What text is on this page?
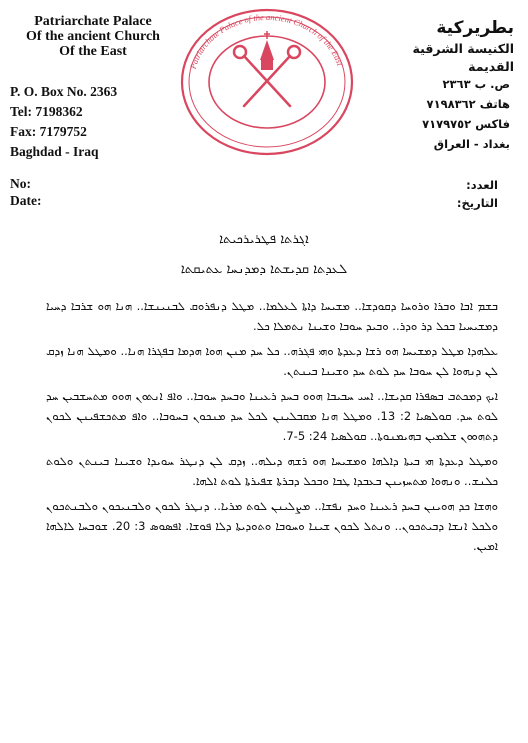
Patriarchate Palace
Of the ancient Church
Of the East
P. O. Box No. 2363
Tel: 7198362
Fax: 7179752
Baghdad - Iraq
بطريركية
الكنيسة الشرقية القديمة
ص. ب ٢٣٦٣
هاتف ٧١٩٨٣٦٢
فاكس ٧١٧٩٧٥٢
بغداد - العراق
Patriarchate Palace of the ancient Church of the East
No:
Date:
العدد:
التاريخ:
ܐܓܪܬܐ ܦܛܪܝܪܟܝܬܐ
ܠܥܕܬܐ ܩܕܝܫܬܐ ܕܡܕܢܚܐ ܥܬܝܩܬܐ

ܒܫܡ ܐܒܐ ܘܒܪܐ ܘܪܘܚܐ ܕܩܘܕܫܐ.. ܡܫܝܚܐ ܕܐܬܐ ܠܥܠܡܐ.. ܡܛܠ ܕܢܦܪܘܩ ܠܒܢܝܢܫܐ.. ܗܢܐ ܗܘ ܫܪܒܐ ܕܚܝܐ ܕܡܫܝܚܝܐ ܒܟܠ ܕܪ ܘܕܪ.. ܘܒܝܕ ܚܘܒܐ ܘܫܝܢܐ ܢܬܡܠܐ ܟܠ.

ܥܠܗܕܐ ܡܛܠ ܕܡܫܝܚܐ ܗܘ ܪܫܐ ܕܥܕܬܐ ܘܗܝ ܦܓܪܗ.. ܟܠ ܚܕ ܡܢܢ ܗܘܐ ܗܕܡܐ ܒܦܓܪܐ ܗܢܐ.. ܘܡܛܠ ܗܢܐ ܙܕܩ ܠܢ ܕܢܗܘܐ ܠܢ ܚܘܒܐ ܚܕ ܠܘܬ ܚܕ ܘܫܝܢܐ ܒܝܢܬܢ.

ܐܝܟ ܕܡܟܬܒ ܒܣܦܪܐ ܩܕܝܫܐ.. ܐܚܝ ܚܒܝܒܐ ܗܘܘ ܒܚܕ ܪܥܝܢܐ ܘܒܚܕ ܚܘܒܐ.. ܘܐܦ ܐܢܬܘܢ ܗܘܘ ܡܬܚܫܒܝܢ ܚܕ ܠܘܬ ܚܕ. ܩܘܠܣܝܐ 2: 13. ܘܡܛܠ ܗܢܐ ܡܩܒܠܝܢܢ ܠܟܠ ܚܕ ܡܢܟܘܢ ܒܚܘܒܐ.. ܘܐܦ ܡܬܟܫܦܝܢܢ ܠܟܘܢ ܕܬܗܘܘܢ ܫܠܡܝܢ ܒܗܝܡܢܘܬܐ.. ܩܘܠܣܝܐ 24: 5-7.

ܘܡܛܠ ܕܥܕܬܐ ܗܝ ܒܝܬܐ ܕܐܠܗܐ ܘܡܫܝܚܐ ܗܘ ܪܫܗ ܕܝܠܗ.. ܙܕܩ ܠܢ ܕܢܛܪ ܚܘܝܕܐ ܘܫܝܢܐ ܒܝܢܬܢ ܘܠܘܬ ܟܠܢܫ.. ܘܢܗܘܐ ܡܬܚܙܝܢܢ ܒܥܒܕܐ ܛܒܐ ܘܒܟܠ ܕܒܪܬܐ ܫܦܝܪܬܐ ܠܘܬ ܐܠܗܐ.

ܘܗܫܐ ܟܕ ܗܘܝܢܢ ܒܚܕ ܪܥܝܢܐ ܘܚܕ ܢܦܫܐ.. ܡܨܠܝܢܢ ܠܘܬ ܡܪܝܐ.. ܕܢܛܪ ܠܟܘܢ ܘܠܒܢܝܟܘܢ ܘܠܒܢܬܟܘܢ ܘܠܟܠ ܐܢܫܐ ܕܒܝܬܟܘܢ.. ܘܢܬܠ ܠܟܘܢ ܫܝܢܐ ܘܚܘܒܐ ܘܬܘܕܝܬܐ ܕܠܐ ܦܘܫܐ. ܐܦܣܘܣ 3: 20. ܫܘܒܚܐ ܠܐܠܗܐ ܐܡܝܢ.
